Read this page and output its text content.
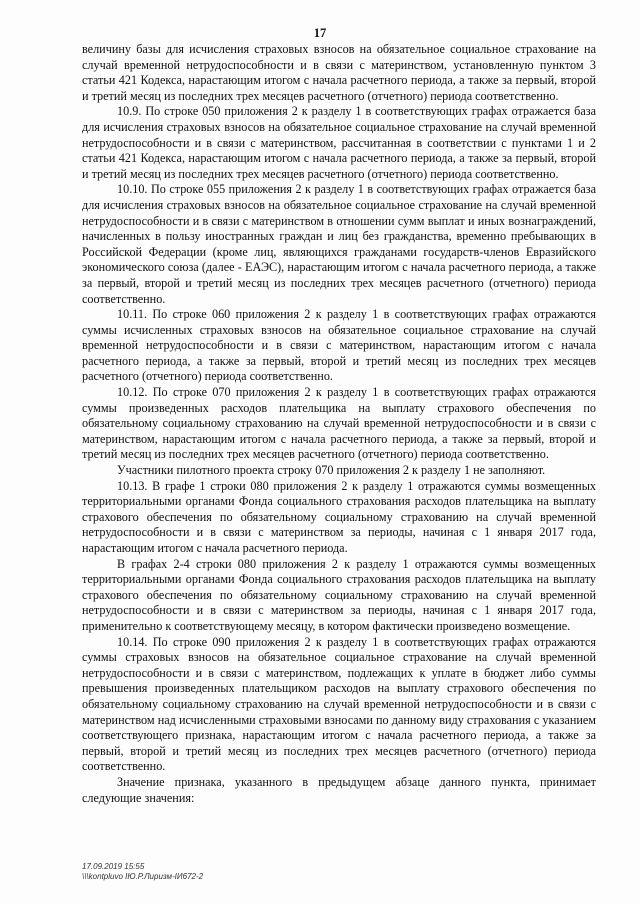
17

величину базы для исчисления страховых взносов на обязательное социальное страхование на случай временной нетрудоспособности и в связи с материнством, установленную пунктом 3 статьи 421 Кодекса, нарастающим итогом с начала расчетного периода, а также за первый, второй и третий месяц из последних трех месяцев расчетного (отчетного) периода соответственно.

10.9. По строке 050 приложения 2 к разделу 1 в соответствующих графах отражается база для исчисления страховых взносов на обязательное социальное страхование на случай временной нетрудоспособности и в связи с материнством, рассчитанная в соответствии с пунктами 1 и 2 статьи 421 Кодекса, нарастающим итогом с начала расчетного периода, а также за первый, второй и третий месяц из последних трех месяцев расчетного (отчетного) периода соответственно.

10.10. По строке 055 приложения 2 к разделу 1 в соответствующих графах отражается база для исчисления страховых взносов на обязательное социальное страхование на случай временной нетрудоспособности и в связи с материнством в отношении сумм выплат и иных вознаграждений, начисленных в пользу иностранных граждан и лиц без гражданства, временно пребывающих в Российской Федерации (кроме лиц, являющихся гражданами государств-членов Евразийского экономического союза (далее - ЕАЭС), нарастающим итогом с начала расчетного периода, а также за первый, второй и третий месяц из последних трех месяцев расчетного (отчетного) периода соответственно.

10.11. По строке 060 приложения 2 к разделу 1 в соответствующих графах отражаются суммы исчисленных страховых взносов на обязательное социальное страхование на случай временной нетрудоспособности и в связи с материнством, нарастающим итогом с начала расчетного периода, а также за первый, второй и третий месяц из последних трех месяцев расчетного (отчетного) периода соответственно.

10.12. По строке 070 приложения 2 к разделу 1 в соответствующих графах отражаются суммы произведенных расходов плательщика на выплату страхового обеспечения по обязательному социальному страхованию на случай временной нетрудоспособности и в связи с материнством, нарастающим итогом с начала расчетного периода, а также за первый, второй и третий месяц из последних трех месяцев расчетного (отчетного) периода соответственно.

Участники пилотного проекта строку 070 приложения 2 к разделу 1 не заполняют.

10.13. В графе 1 строки 080 приложения 2 к разделу 1 отражаются суммы возмещенных территориальными органами Фонда социального страхования расходов плательщика на выплату страхового обеспечения по обязательному социальному страхованию на случай временной нетрудоспособности и в связи с материнством за периоды, начиная с 1 января 2017 года, нарастающим итогом с начала расчетного периода.

В графах 2-4 строки 080 приложения 2 к разделу 1 отражаются суммы возмещенных территориальными органами Фонда социального страхования расходов плательщика на выплату страхового обеспечения по обязательному социальному страхованию на случай временной нетрудоспособности и в связи с материнством за периоды, начиная с 1 января 2017 года, применительно к соответствующему месяцу, в котором фактически произведено возмещение.

10.14. По строке 090 приложения 2 к разделу 1 в соответствующих графах отражаются суммы страховых взносов на обязательное социальное страхование на случай временной нетрудоспособности и в связи с материнством, подлежащих к уплате в бюджет либо суммы превышения произведенных плательщиком расходов на выплату страхового обеспечения по обязательному социальному страхованию на случай временной нетрудоспособности и в связи с материнством над исчисленными страховыми взносами по данному виду страхования с указанием соответствующего признака, нарастающим итогом с начала расчетного периода, а также за первый, второй и третий месяц из последних трех месяцев расчетного (отчетного) периода соответственно.

Значение признака, указанного в предыдущем абзаце данного пункта, принимает следующие значения:

17.09.2019 15:55
\\\kontpluvo IЮ.Р.Лиризм-IИ672-2
